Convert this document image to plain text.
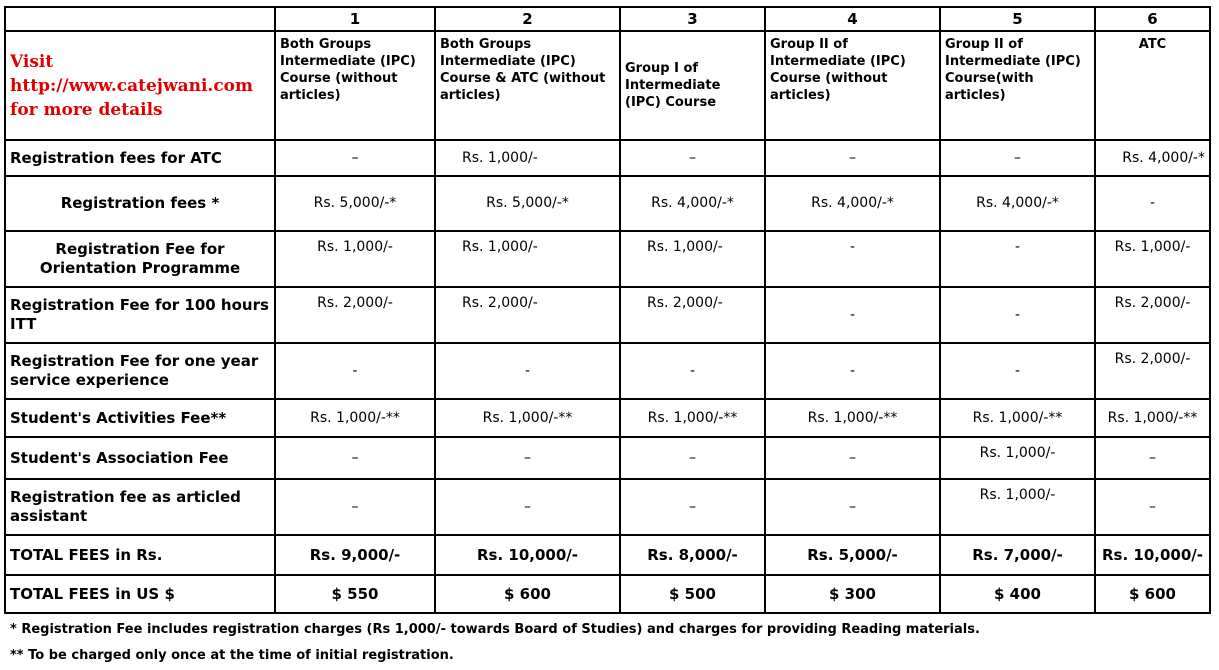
	1	2	3	4	5	6

Visit
http://www.catejwani.com
for more details	Both Groups Intermediate (IPC) Course (without articles)	Both Groups Intermediate (IPC) Course & ATC (without articles)	Group I of Intermediate (IPC) Course	Group II of Intermediate (IPC) Course (without articles)	Group II of Intermediate (IPC) Course(with articles)	ATC
Registration fees for ATC	–	Rs. 1,000/-	–	–	–	Rs. 4,000/-*
Registration fees *	Rs. 5,000/-*	Rs. 5,000/-*	Rs. 4,000/-*	Rs. 4,000/-*	Rs. 4,000/-*	-
Registration Fee for Orientation Programme	Rs. 1,000/-	Rs. 1,000/-	Rs. 1,000/-	-	-	Rs. 1,000/-
Registration Fee for 100 hours ITT	Rs. 2,000/-	Rs. 2,000/-	Rs. 2,000/-	-	-	Rs. 2,000/-
Registration Fee for one year service experience	-	-	-	-	-	Rs. 2,000/-
Student's Activities Fee**	Rs. 1,000/-**	Rs. 1,000/-**	Rs. 1,000/-**	Rs. 1,000/-**	Rs. 1,000/-**	Rs. 1,000/-**
Student's Association Fee	–	–	–	–	Rs. 1,000/-	–
Registration fee as articled assistant	–	–	–	–	Rs. 1,000/-	–
TOTAL FEES in Rs.	Rs. 9,000/-	Rs. 10,000/-	Rs. 8,000/-	Rs. 5,000/-	Rs. 7,000/-	Rs. 10,000/-
TOTAL FEES in US $	$ 550	$ 600	$ 500	$ 300	$ 400	$ 600
* Registration Fee includes registration charges (Rs 1,000/- towards Board of Studies) and charges for providing Reading materials.
** To be charged only once at the time of initial registration.
